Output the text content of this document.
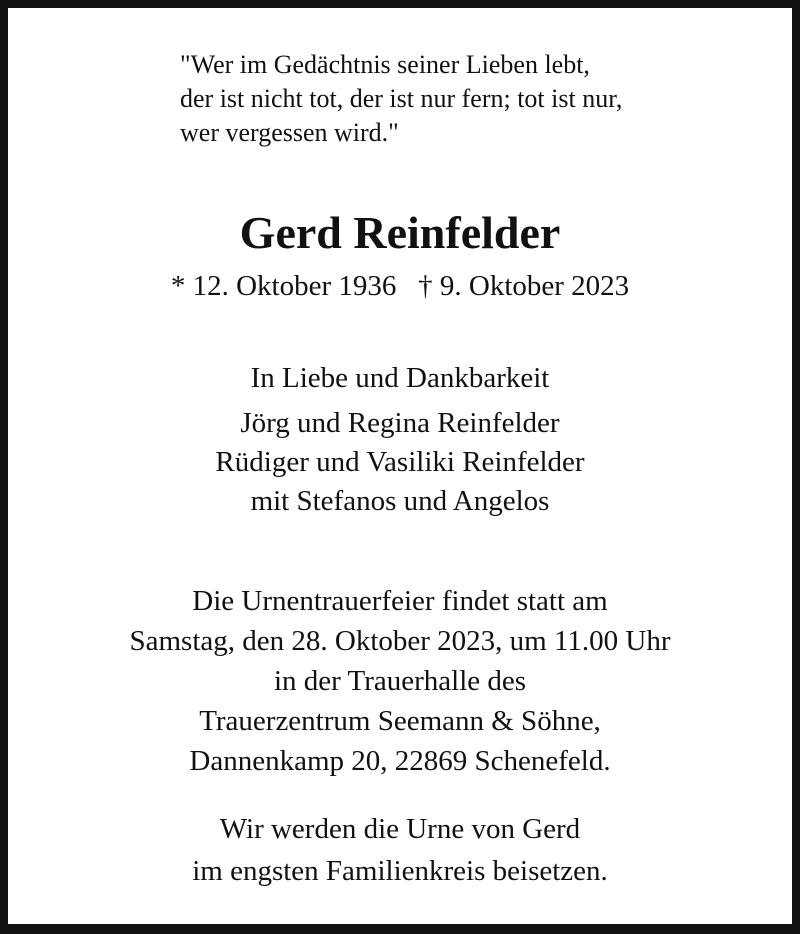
"Wer im Gedächtnis seiner Lieben lebt,
der ist nicht tot, der ist nur fern; tot ist nur,
wer vergessen wird."
Gerd Reinfelder
* 12. Oktober 1936 † 9. Oktober 2023
In Liebe und Dankbarkeit
Jörg und Regina Reinfelder
Rüdiger und Vasiliki Reinfelder
mit Stefanos und Angelos
Die Urnentrauerfeier findet statt am
Samstag, den 28. Oktober 2023, um 11.00 Uhr
in der Trauerhalle des
Trauerzentrum Seemann & Söhne,
Dannenkamp 20, 22869 Schenefeld.
Wir werden die Urne von Gerd
im engsten Familienkreis beisetzen.
